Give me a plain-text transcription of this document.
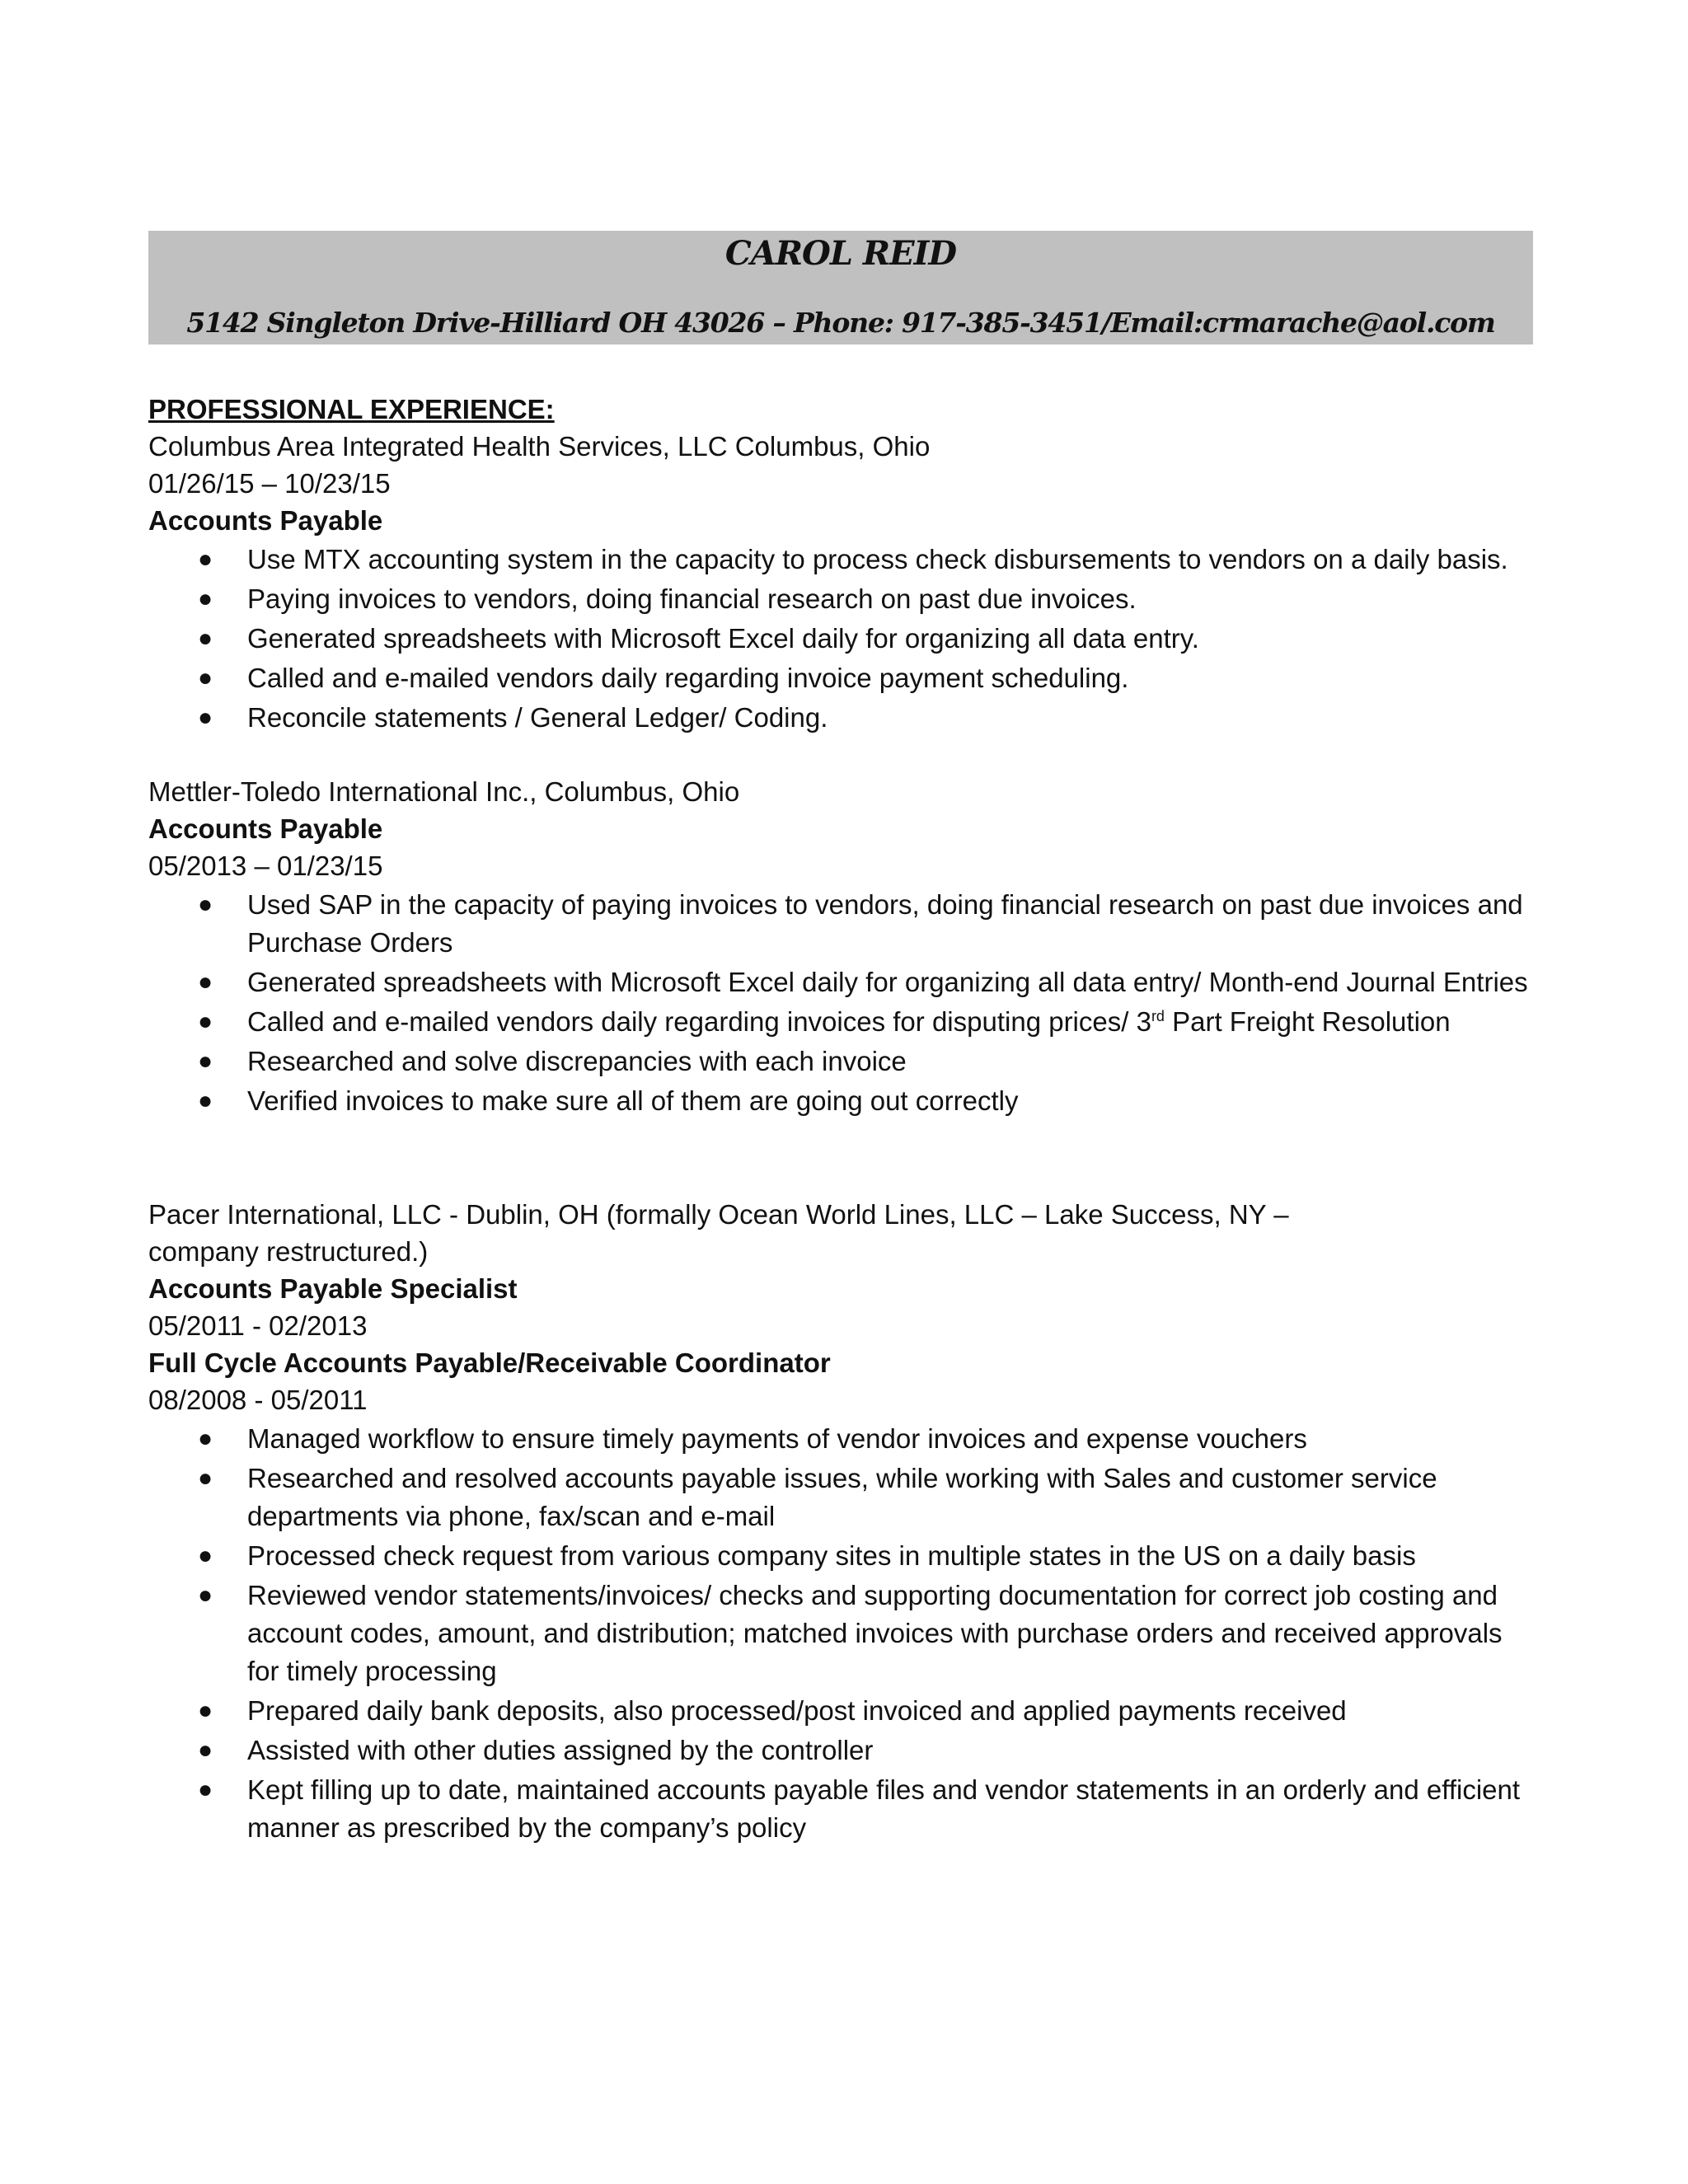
CAROL REID
5142 Singleton Drive-Hilliard OH 43026 – Phone: 917-385-3451/Email:crmarache@aol.com
PROFESSIONAL EXPERIENCE:
Columbus Area Integrated Health Services, LLC Columbus, Ohio
01/26/15 – 10/23/15
Accounts Payable
● Use MTX accounting system in the capacity to process check disbursements to vendors on a daily basis.
● Paying invoices to vendors, doing financial research on past due invoices.
● Generated spreadsheets with Microsoft Excel daily for organizing all data entry.
● Called and e-mailed vendors daily regarding invoice payment scheduling.
● Reconcile statements / General Ledger/ Coding.
Mettler-Toledo International Inc., Columbus, Ohio
Accounts Payable
05/2013 – 01/23/15
● Used SAP in the capacity of paying invoices to vendors, doing financial research on past due invoices and Purchase Orders
● Generated spreadsheets with Microsoft Excel daily for organizing all data entry/ Month-end Journal Entries
● Called and e-mailed vendors daily regarding invoices for disputing prices/ 3rd Part Freight Resolution
● Researched and solve discrepancies with each invoice
● Verified invoices to make sure all of them are going out correctly
Pacer International, LLC - Dublin, OH (formally Ocean World Lines, LLC – Lake Success, NY – company restructured.)
Accounts Payable Specialist
05/2011 - 02/2013
Full Cycle Accounts Payable/Receivable Coordinator
08/2008 - 05/2011
● Managed workflow to ensure timely payments of vendor invoices and expense vouchers
● Researched and resolved accounts payable issues, while working with Sales and customer service departments via phone, fax/scan and e-mail
● Processed check request from various company sites in multiple states in the US on a daily basis
● Reviewed vendor statements/invoices/ checks and supporting documentation for correct job costing and account codes, amount, and distribution; matched invoices with purchase orders and received approvals for timely processing
● Prepared daily bank deposits, also processed/post invoiced and applied payments received
● Assisted with other duties assigned by the controller
● Kept filling up to date, maintained accounts payable files and vendor statements in an orderly and efficient manner as prescribed by the company’s policy
